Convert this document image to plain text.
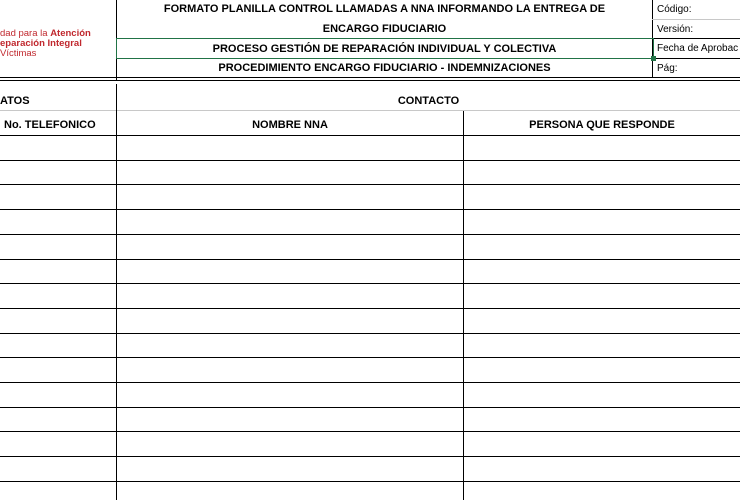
dad para la Atención
eparación Integral
Víctimas
FORMATO PLANILLA CONTROL LLAMADAS A NNA INFORMANDO LA ENTREGA DE ENCARGO FIDUCIARIO
PROCESO GESTIÓN DE REPARACIÓN INDIVIDUAL Y COLECTIVA
PROCEDIMIENTO ENCARGO FIDUCIARIO - INDEMNIZACIONES
Código:
Versión:
Fecha de Aprobac
Pág:
ATOS	CONTACTO
No. TELEFONICO	NOMBRE NNA	PERSONA QUE RESPONDE
